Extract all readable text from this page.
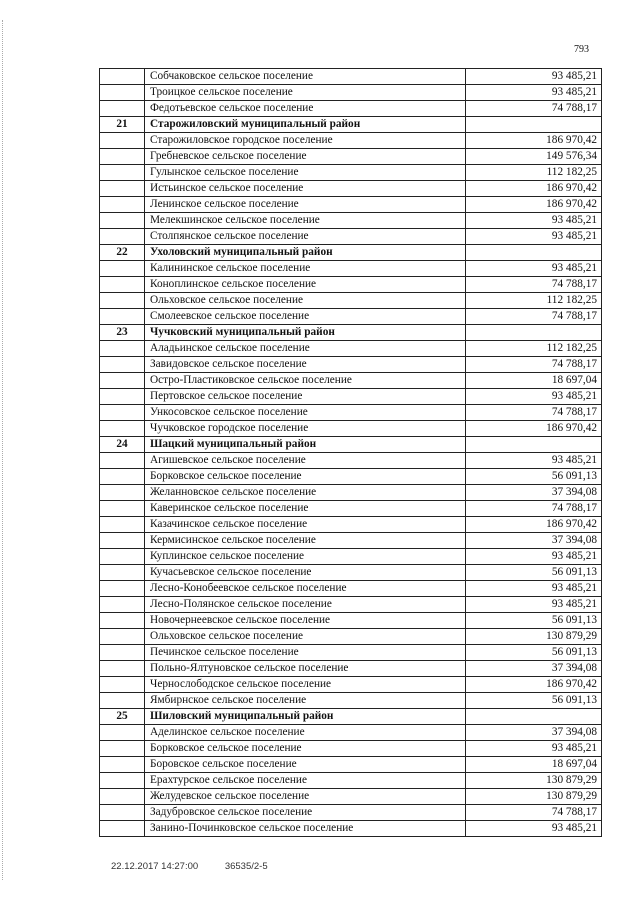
793
	Собчаковское сельское поселение	93 485,21
	Троицкое сельское поселение	93 485,21
	Федотьевское сельское поселение	74 788,17
21	Старожиловский муниципальный район	
	Старожиловское городское поселение	186 970,42
	Гребневское сельское поселение	149 576,34
	Гулынское сельское поселение	112 182,25
	Истьинское сельское поселение	186 970,42
	Ленинское сельское поселение	186 970,42
	Мелекшинское сельское поселение	93 485,21
	Столпянское сельское поселение	93 485,21
22	Ухоловский муниципальный район	
	Калининское сельское поселение	93 485,21
	Коноплинское сельское поселение	74 788,17
	Ольховское сельское поселение	112 182,25
	Смолеевское сельское поселение	74 788,17
23	Чучковский муниципальный район	
	Аладьинское сельское поселение	112 182,25
	Завидовское сельское поселение	74 788,17
	Остро-Пластиковское сельское поселение	18 697,04
	Пертовское сельское поселение	93 485,21
	Ункосовское сельское поселение	74 788,17
	Чучковское городское поселение	186 970,42
24	Шацкий муниципальный район	
	Агишевское сельское поселение	93 485,21
	Борковское сельское поселение	56 091,13
	Желанновское сельское поселение	37 394,08
	Каверинское сельское поселение	74 788,17
	Казачинское сельское поселение	186 970,42
	Кермисинское сельское поселение	37 394,08
	Куплинское сельское поселение	93 485,21
	Кучасьевское сельское поселение	56 091,13
	Лесно-Конобеевское сельское поселение	93 485,21
	Лесно-Полянское сельское поселение	93 485,21
	Новочернеевское сельское поселение	56 091,13
	Ольховское сельское поселение	130 879,29
	Печинское сельское поселение	56 091,13
	Польно-Ялтуновское сельское поселение	37 394,08
	Чернослободское сельское поселение	186 970,42
	Ямбирнское сельское поселение	56 091,13
25	Шиловский муниципальный район	
	Аделинское сельское поселение	37 394,08
	Борковское сельское поселение	93 485,21
	Боровское сельское поселение	18 697,04
	Ерахтурское сельское поселение	130 879,29
	Желудевское сельское поселение	130 879,29
	Задубровское сельское поселение	74 788,17
	Занино-Починковское сельское поселение	93 485,21
22.12.2017 14:27:00	36535/2-5
